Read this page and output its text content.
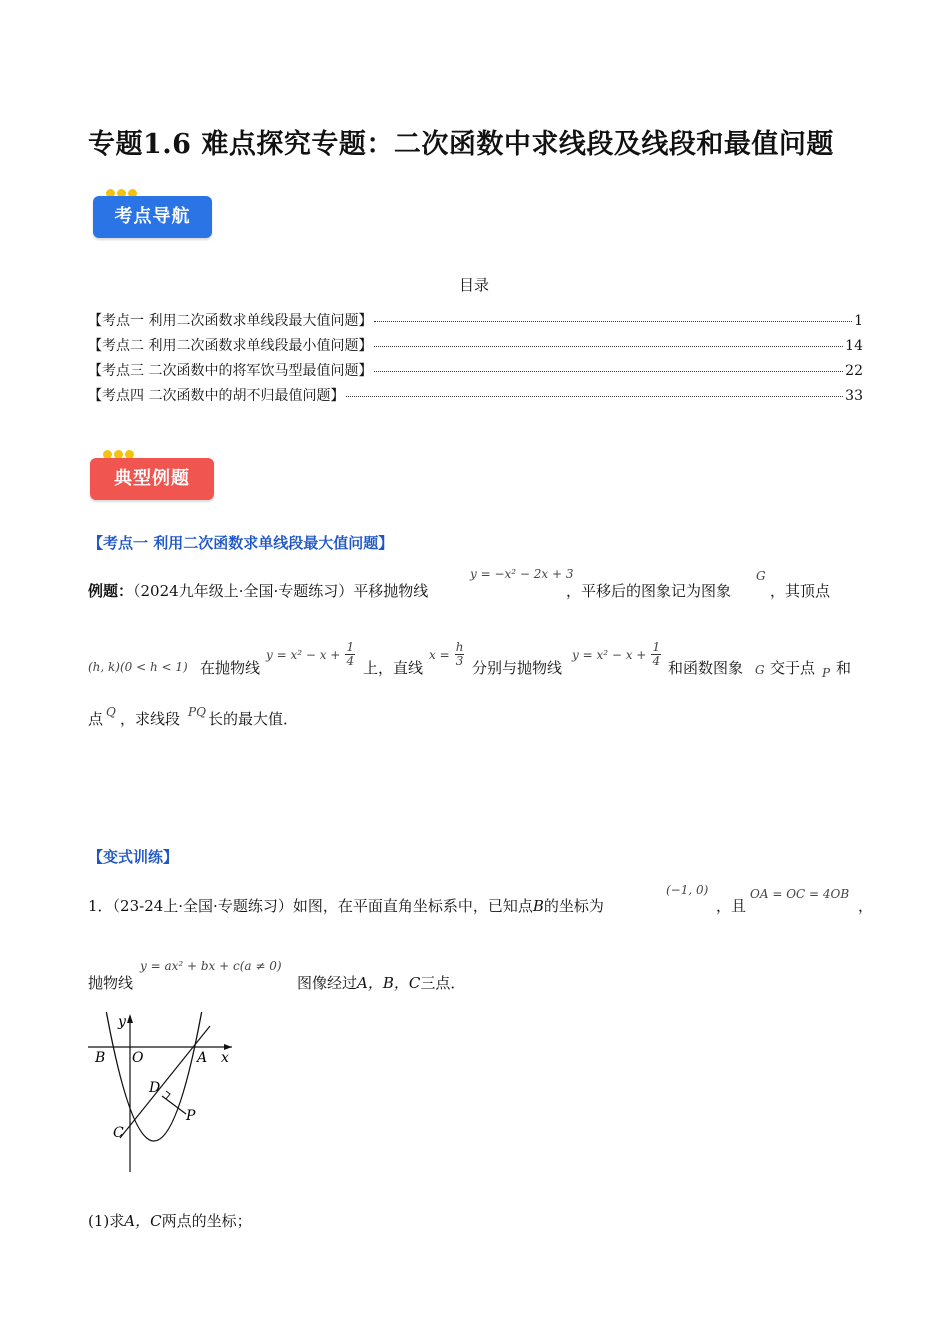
专题1.6 难点探究专题：二次函数中求线段及线段和最值问题
考点导航
目录
【考点一 利用二次函数求单线段最大值问题】	1
【考点二 利用二次函数求单线段最小值问题】	14
【考点三 二次函数中的将军饮马型最值问题】	22
【考点四 二次函数中的胡不归最值问题】	33
典型例题
【考点一 利用二次函数求单线段最大值问题】
例题：（2024九年级上·全国·专题练习）平移抛物线
y = −x² − 2x + 3
，平移后的图象记为图象
G
，其顶点
(h, k)(0 < h < 1) 在抛物线
$y = x^2 - x + \frac{1}{4}$ 上，直线
$x = \frac{h}{3}$ 分别与抛物线
$y = x^2 - x + \frac{1}{4}$ 和函数图象 G 交于点 P 和
点 Q ，求线段 PQ 长的最大值．
【变式训练】
1．（23-24上·全国·专题练习）如图，在平面直角坐标系中，已知点B的坐标为
(−1, 0)
，且
OA = OC = 4OB
，
抛物线
y = ax² + bx + c(a ≠ 0)
图像经过A，B，C三点．
y
x
B O	A
D
P
C
(1)求A，C两点的坐标；
